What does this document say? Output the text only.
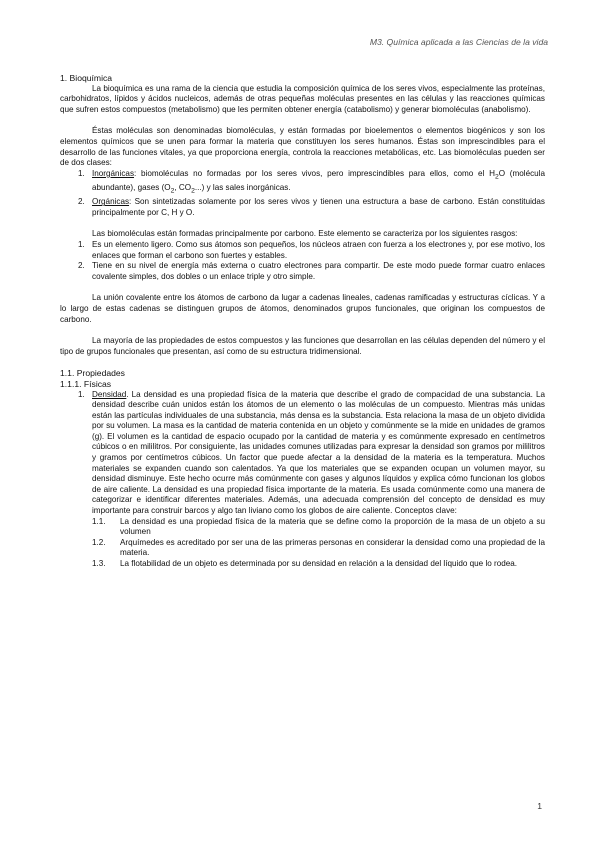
M3. Química aplicada a las Ciencias de la vida

1. Bioquímica

La bioquímica es una rama de la ciencia que estudia la composición química de los seres vivos, especialmente las proteínas, carbohidratos, lípidos y ácidos nucleicos, además de otras pequeñas moléculas presentes en las células y las reacciones químicas que sufren estos compuestos (metabolismo) que les permiten obtener energía (catabolismo) y generar biomoléculas (anabolismo).

Éstas moléculas son denominadas biomoléculas, y están formadas por bioelementos o elementos biogénicos y son los elementos químicos que se unen para formar la materia que constituyen los seres humanos. Éstas son imprescindibles para el desarrollo de las funciones vitales, ya que proporciona energía, controla la reacciones metabólicas, etc. Las biomoléculas pueden ser de dos clases:

1. Inorgánicas: biomoléculas no formadas por los seres vivos, pero imprescindibles para ellos, como el $H_2O$ (molécula abundante), gases ($O_2$, $CO_2$...) y las sales inorgánicas.
2. Orgánicas: Son sintetizadas solamente por los seres vivos y tienen una estructura a base de carbono. Están constituidas principalmente por C, H y O.

Las biomoléculas están formadas principalmente por carbono. Este elemento se caracteriza por los siguientes rasgos:

1. Es un elemento ligero. Como sus átomos son pequeños, los núcleos atraen con fuerza a los electrones y, por ese motivo, los enlaces que forman el carbono son fuertes y estables.
2. Tiene en su nivel de energía más externa o cuatro electrones para compartir. De este modo puede formar cuatro enlaces covalente simples, dos dobles o un enlace triple y otro simple.

La unión covalente entre los átomos de carbono da lugar a cadenas lineales, cadenas ramificadas y estructuras cíclicas. Y a lo largo de estas cadenas se distinguen grupos de átomos, denominados grupos funcionales, que originan los compuestos de carbono.

La mayoría de las propiedades de estos compuestos y las funciones que desarrollan en las células dependen del número y el tipo de grupos funcionales que presentan, así como de su estructura tridimensional.

1.1. Propiedades

1.1.1. Físicas

1. Densidad. La densidad es una propiedad física de la materia que describe el grado de compacidad de una substancia. La densidad describe cuán unidos están los átomos de un elemento o las moléculas de un compuesto. Mientras más unidas están las partículas individuales de una substancia, más densa es la substancia. Esta relaciona la masa de un objeto dividida por su volumen. La masa es la cantidad de materia contenida en un objeto y comúnmente se la mide en unidades de gramos (g). El volumen es la cantidad de espacio ocupado por la cantidad de materia y es comúnmente expresado en centímetros cúbicos o en mililitros. Por consiguiente, las unidades comunes utilizadas para expresar la densidad son gramos por mililitros y gramos por centímetros cúbicos. Un factor que puede afectar a la densidad de la materia es la temperatura. Muchos materiales se expanden cuando son calentados. Ya que los materiales que se expanden ocupan un volumen mayor, su densidad disminuye. Este hecho ocurre más comúnmente con gases y algunos líquidos y explica cómo funcionan los globos de aire caliente. La densidad es una propiedad física importante de la materia. Es usada comúnmente como una manera de categorizar e identificar diferentes materiales. Además, una adecuada comprensión del concepto de densidad es muy importante para construir barcos y algo tan liviano como los globos de aire caliente. Conceptos clave:
1.1. La densidad es una propiedad física de la materia que se define como la proporción de la masa de un objeto a su volumen
1.2. Arquímedes es acreditado por ser una de las primeras personas en considerar la densidad como una propiedad de la materia.
1.3. La flotabilidad de un objeto es determinada por su densidad en relación a la densidad del líquido que lo rodea.
1
